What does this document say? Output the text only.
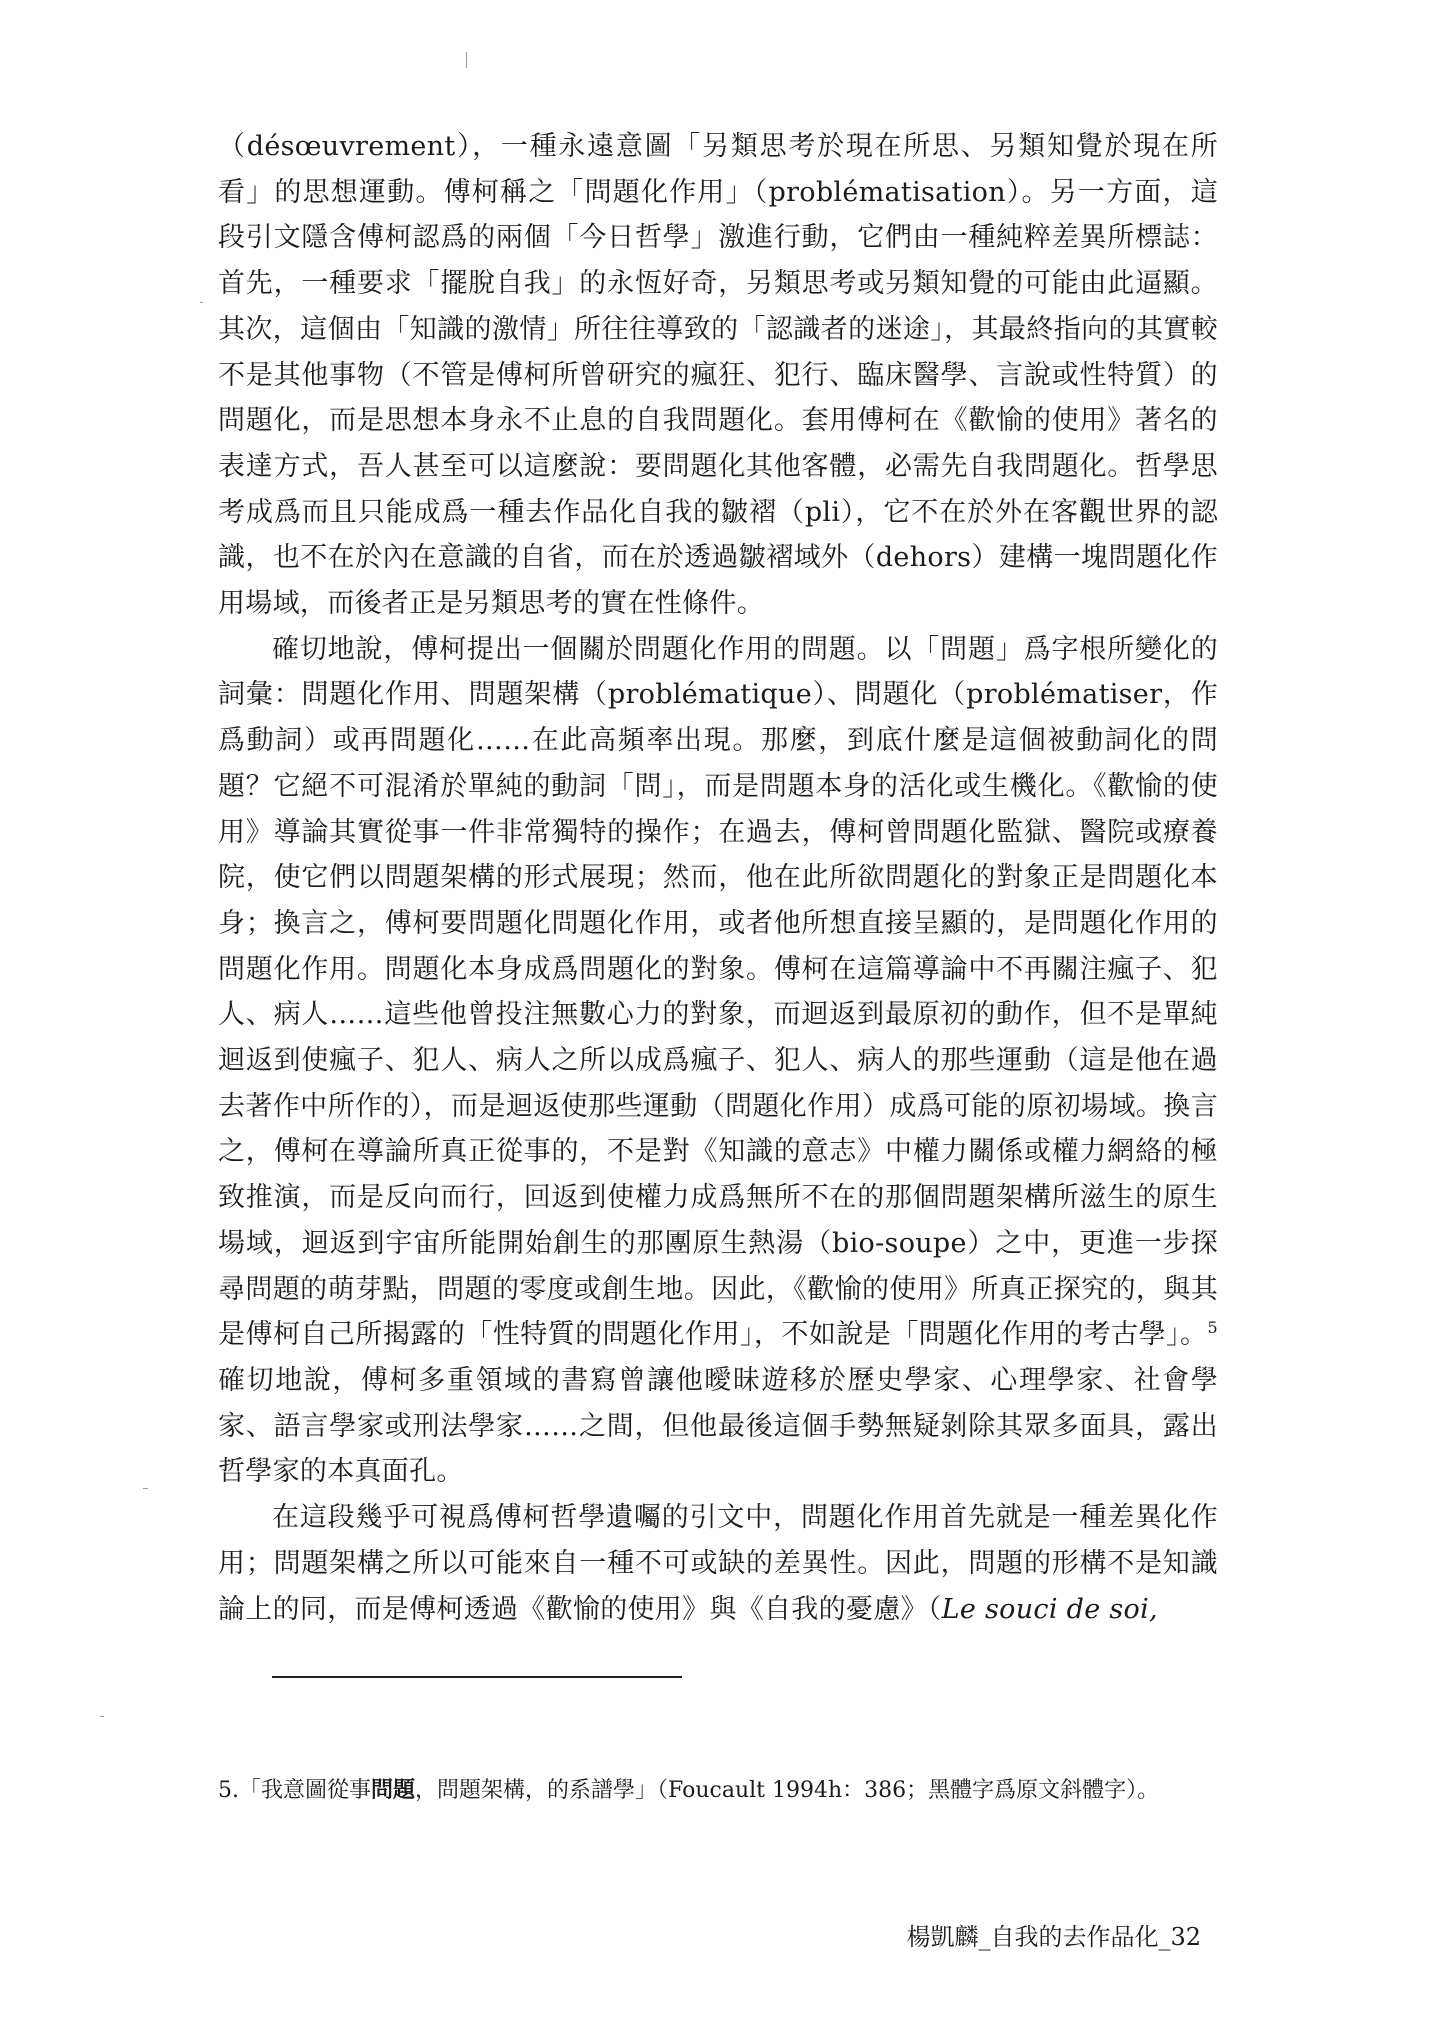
（désœuvrement），一種永遠意圖「另類思考於現在所思、另類知覺於現在所看」的思想運動。傅柯稱之「問題化作用」（problématisation）。另一方面，這段引文隱含傅柯認爲的兩個「今日哲學」激進行動，它們由一種純粹差異所標誌：首先，一種要求「擺脫自我」的永恆好奇，另類思考或另類知覺的可能由此逼顯。其次，這個由「知識的激情」所往往導致的「認識者的迷途」，其最終指向的其實較不是其他事物（不管是傅柯所曾研究的瘋狂、犯行、臨床醫學、言說或性特質）的問題化，而是思想本身永不止息的自我問題化。套用傅柯在《歡愉的使用》著名的表達方式，吾人甚至可以這麼說：要問題化其他客體，必需先自我問題化。哲學思考成爲而且只能成爲一種去作品化自我的皺褶（pli），它不在於外在客觀世界的認識，也不在於內在意識的自省，而在於透過皺褶域外（dehors）建構一塊問題化作用場域，而後者正是另類思考的實在性條件。

確切地說，傅柯提出一個關於問題化作用的問題。以「問題」爲字根所變化的詞彙：問題化作用、問題架構（problématique）、問題化（problématiser，作爲動詞）或再問題化……在此高頻率出現。那麼，到底什麼是這個被動詞化的問題？它絕不可混淆於單純的動詞「問」，而是問題本身的活化或生機化。《歡愉的使用》導論其實從事一件非常獨特的操作；在過去，傅柯曾問題化監獄、醫院或療養院，使它們以問題架構的形式展現；然而，他在此所欲問題化的對象正是問題化本身；換言之，傅柯要問題化問題化作用，或者他所想直接呈顯的，是問題化作用的問題化作用。問題化本身成爲問題化的對象。傅柯在這篇導論中不再關注瘋子、犯人、病人……這些他曾投注無數心力的對象，而迴返到最原初的動作，但不是單純迴返到使瘋子、犯人、病人之所以成爲瘋子、犯人、病人的那些運動（這是他在過去著作中所作的），而是迴返使那些運動（問題化作用）成爲可能的原初場域。換言之，傅柯在導論所真正從事的，不是對《知識的意志》中權力關係或權力網絡的極致推演，而是反向而行，回返到使權力成爲無所不在的那個問題架構所滋生的原生場域，迴返到宇宙所能開始創生的那團原生熱湯（bio-soupe）之中，更進一步探尋問題的萌芽點，問題的零度或創生地。因此，《歡愉的使用》所真正探究的，與其是傅柯自己所揭露的「性特質的問題化作用」，不如說是「問題化作用的考古學」。$^5$ 確切地說，傅柯多重領域的書寫曾讓他曖昧遊移於歷史學家、心理學家、社會學家、語言學家或刑法學家……之間，但他最後這個手勢無疑剝除其眾多面具，露出哲學家的本真面孔。

在這段幾乎可視爲傅柯哲學遺囑的引文中，問題化作用首先就是一種差異化作用；問題架構之所以可能來自一種不可或缺的差異性。因此，問題的形構不是知識論上的同，而是傅柯透過《歡愉的使用》與《自我的憂慮》（Le souci de soi,

5.「我意圖從事問題，問題架構，的系譜學」（Foucault 1994h：386；黑體字爲原文斜體字）。
楊凱麟_自我的去作品化_32
